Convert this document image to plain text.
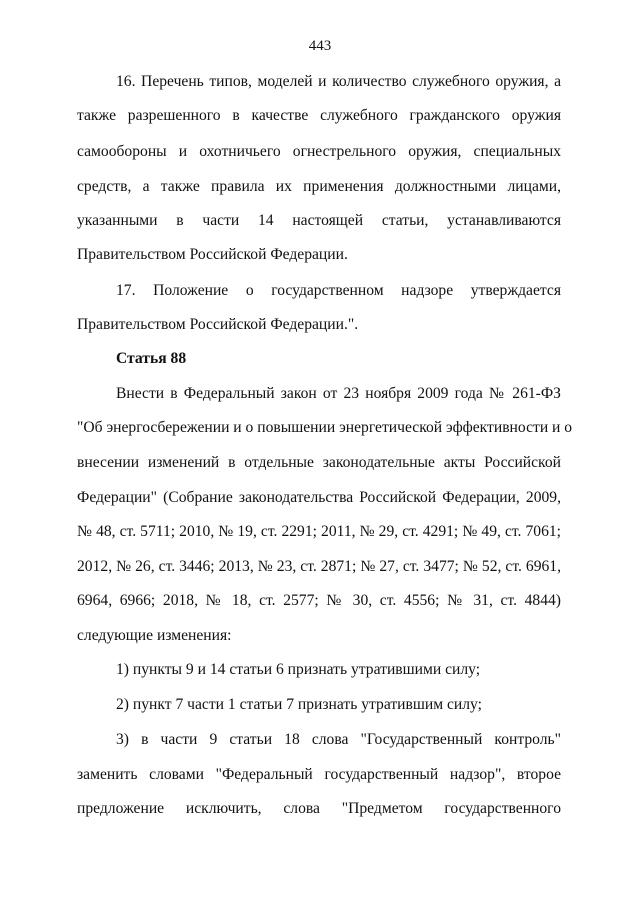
443
16. Перечень типов, моделей и количество служебного оружия, а
также разрешенного в качестве служебного гражданского оружия
самообороны и охотничьего огнестрельного оружия, специальных
средств, а также правила их применения должностными лицами,
указанными в части 14 настоящей статьи, устанавливаются
Правительством Российской Федерации.
17. Положение о государственном надзоре утверждается
Правительством Российской Федерации.".
Статья 88
Внести в Федеральный закон от 23 ноября 2009 года № 261-ФЗ
"Об энергосбережении и о повышении энергетической эффективности и о
внесении изменений в отдельные законодательные акты Российской
Федерации" (Собрание законодательства Российской Федерации, 2009,
№ 48, ст. 5711; 2010, № 19, ст. 2291; 2011, № 29, ст. 4291; № 49, ст. 7061;
2012, № 26, ст. 3446; 2013, № 23, ст. 2871; № 27, ст. 3477; № 52, ст. 6961,
6964, 6966; 2018, № 18, ст. 2577; № 30, ст. 4556; № 31, ст. 4844)
следующие изменения:
1) пункты 9 и 14 статьи 6 признать утратившими силу;
2) пункт 7 части 1 статьи 7 признать утратившим силу;
3) в части 9 статьи 18 слова "Государственный контроль"
заменить словами "Федеральный государственный надзор", второе
предложение исключить, слова "Предметом государственного
